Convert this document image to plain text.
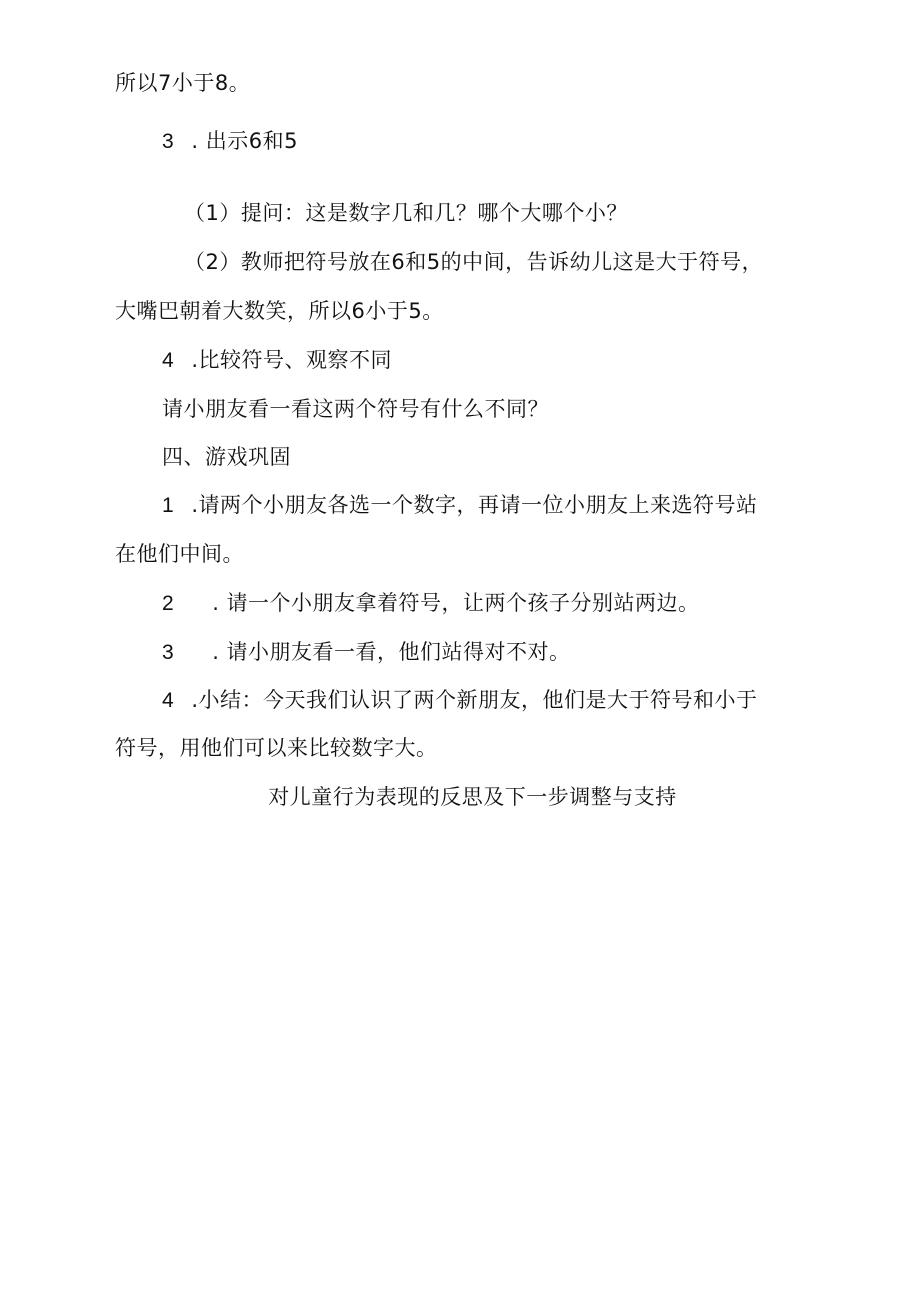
所以7小于8。
3 . 出示6和5
（1）提问：这是数字几和几？哪个大哪个小？
（2）教师把符号放在6和5的中间，告诉幼儿这是大于符号，
大嘴巴朝着大数笑，所以6小于5。
4 .比较符号、观察不同
请小朋友看一看这两个符号有什么不同？
四、游戏巩固
1 .请两个小朋友各选一个数字，再请一位小朋友上来选符号站
在他们中间。
2 . 请一个小朋友拿着符号，让两个孩子分别站两边。
3 . 请小朋友看一看，他们站得对不对。
4 .小结：今天我们认识了两个新朋友，他们是大于符号和小于
符号，用他们可以来比较数字大。
对儿童行为表现的反思及下一步调整与支持
